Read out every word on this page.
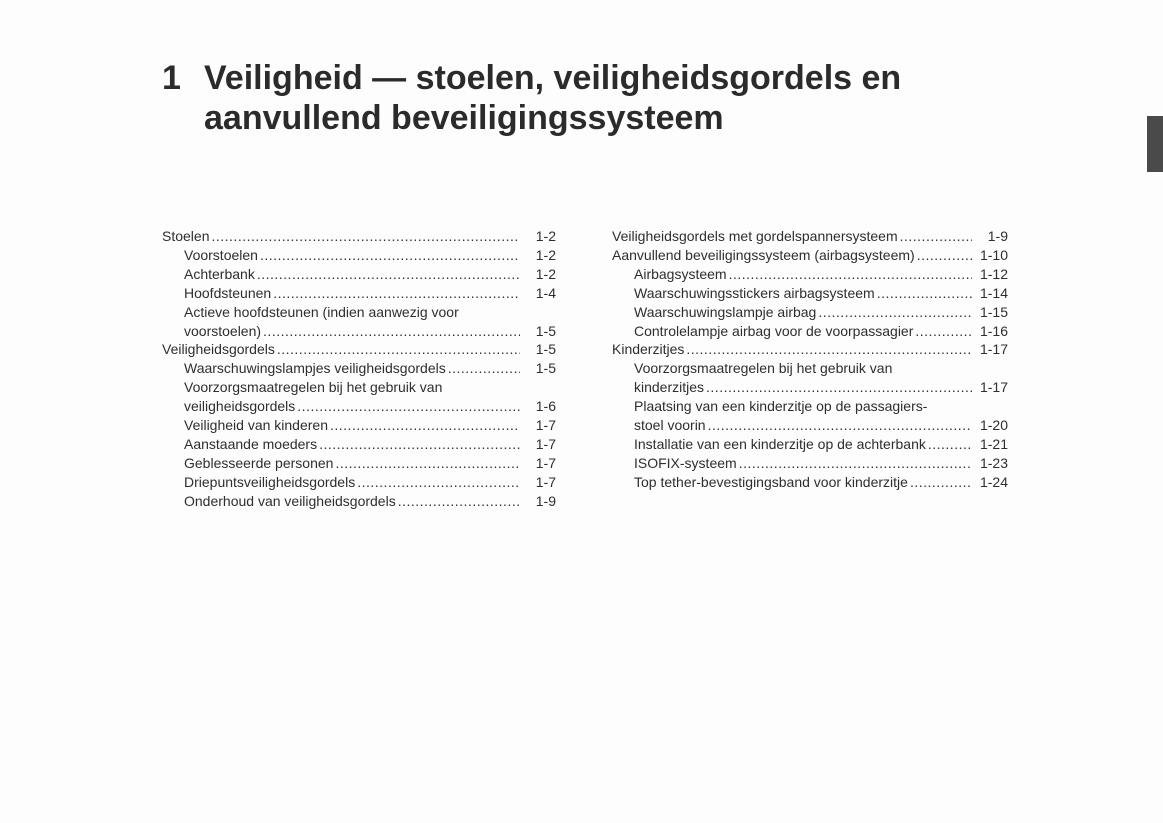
1 Veiligheid — stoelen, veiligheidsgordels en aanvullend beveiligingssysteem
Stoelen .....	1-2
Voorstoelen .....	1-2
Achterbank .....	1-2
Hoofdsteunen .....	1-4
Actieve hoofdsteunen (indien aanwezig voor
voorstoelen) .....	1-5
Veiligheidsgordels .....	1-5
Waarschuwingslampjes veiligheidsgordels .....	1-5
Voorzorgsmaatregelen bij het gebruik van
veiligheidsgordels .....	1-6
Veiligheid van kinderen .....	1-7
Aanstaande moeders .....	1-7
Geblesseerde personen .....	1-7
Driepuntsveiligheidsgordels .....	1-7
Onderhoud van veiligheidsgordels .....	1-9
Veiligheidsgordels met gordelspannersysteem .....	1-9
Aanvullend beveiligingssysteem (airbagsysteem) .....	1-10
Airbagsysteem .....	1-12
Waarschuwingsstickers airbagsysteem .....	1-14
Waarschuwingslampje airbag .....	1-15
Controlelampje airbag voor de voorpassagier .....	1-16
Kinderzitjes .....	1-17
Voorzorgsmaatregelen bij het gebruik van
kinderzitjes .....	1-17
Plaatsing van een kinderzitje op de passagiers-
stoel voorin .....	1-20
Installatie van een kinderzitje op de achterbank .....	1-21
ISOFIX-systeem .....	1-23
Top tether-bevestigingsband voor kinderzitje .....	1-24
